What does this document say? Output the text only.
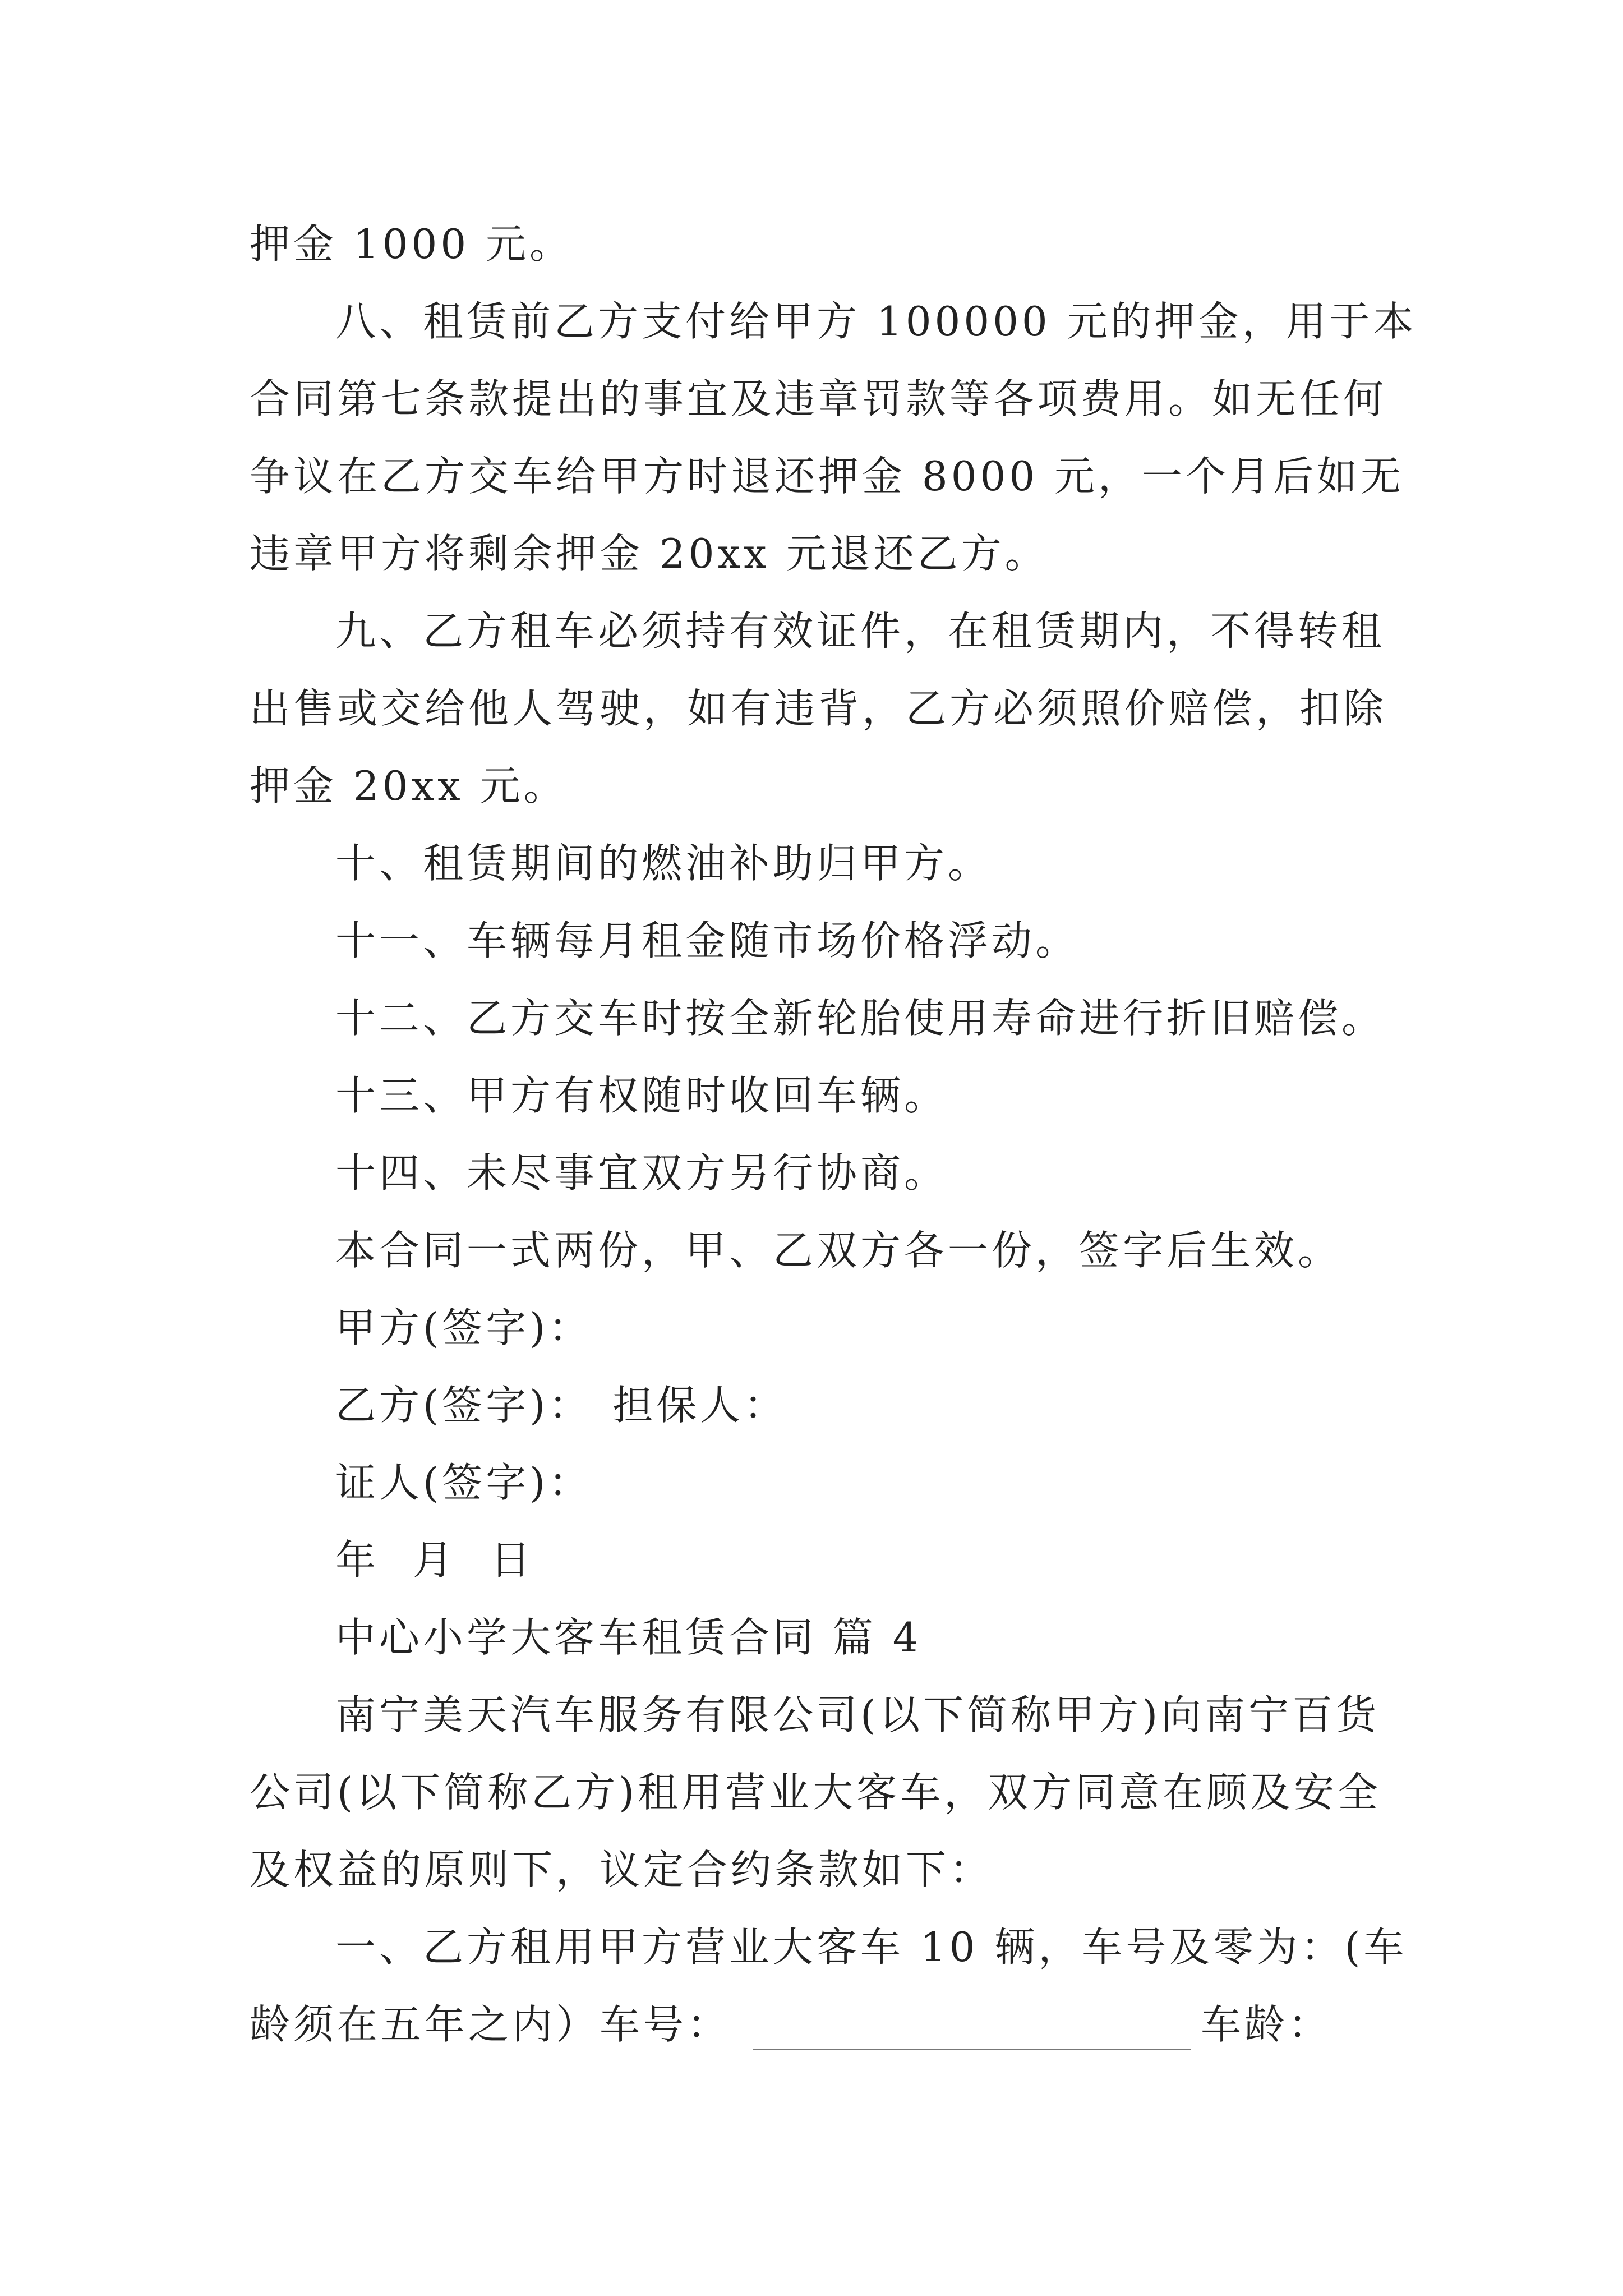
押金 1000 元。
八、租赁前乙方支付给甲方 100000 元的押金，用于本
合同第七条款提出的事宜及违章罚款等各项费用。如无任何
争议在乙方交车给甲方时退还押金 8000 元，一个月后如无
违章甲方将剩余押金 20xx 元退还乙方。
九、乙方租车必须持有效证件，在租赁期内，不得转租
出售或交给他人驾驶，如有违背，乙方必须照价赔偿，扣除
押金 20xx 元。
十、租赁期间的燃油补助归甲方。
十一、车辆每月租金随市场价格浮动。
十二、乙方交车时按全新轮胎使用寿命进行折旧赔偿。
十三、甲方有权随时收回车辆。
十四、未尽事宜双方另行协商。
本合同一式两份，甲、乙双方各一份，签字后生效。
甲方(签字)：
乙方(签字)： 担保人：
证人(签字)：
年 月 日
中心小学大客车租赁合同 篇 4
南宁美天汽车服务有限公司(以下简称甲方)向南宁百货
公司(以下简称乙方)租用营业大客车，双方同意在顾及安全
及权益的原则下，议定合约条款如下：
一、乙方租用甲方营业大客车 10 辆，车号及零为：(车
龄须在五年之内）车号：	车龄：
